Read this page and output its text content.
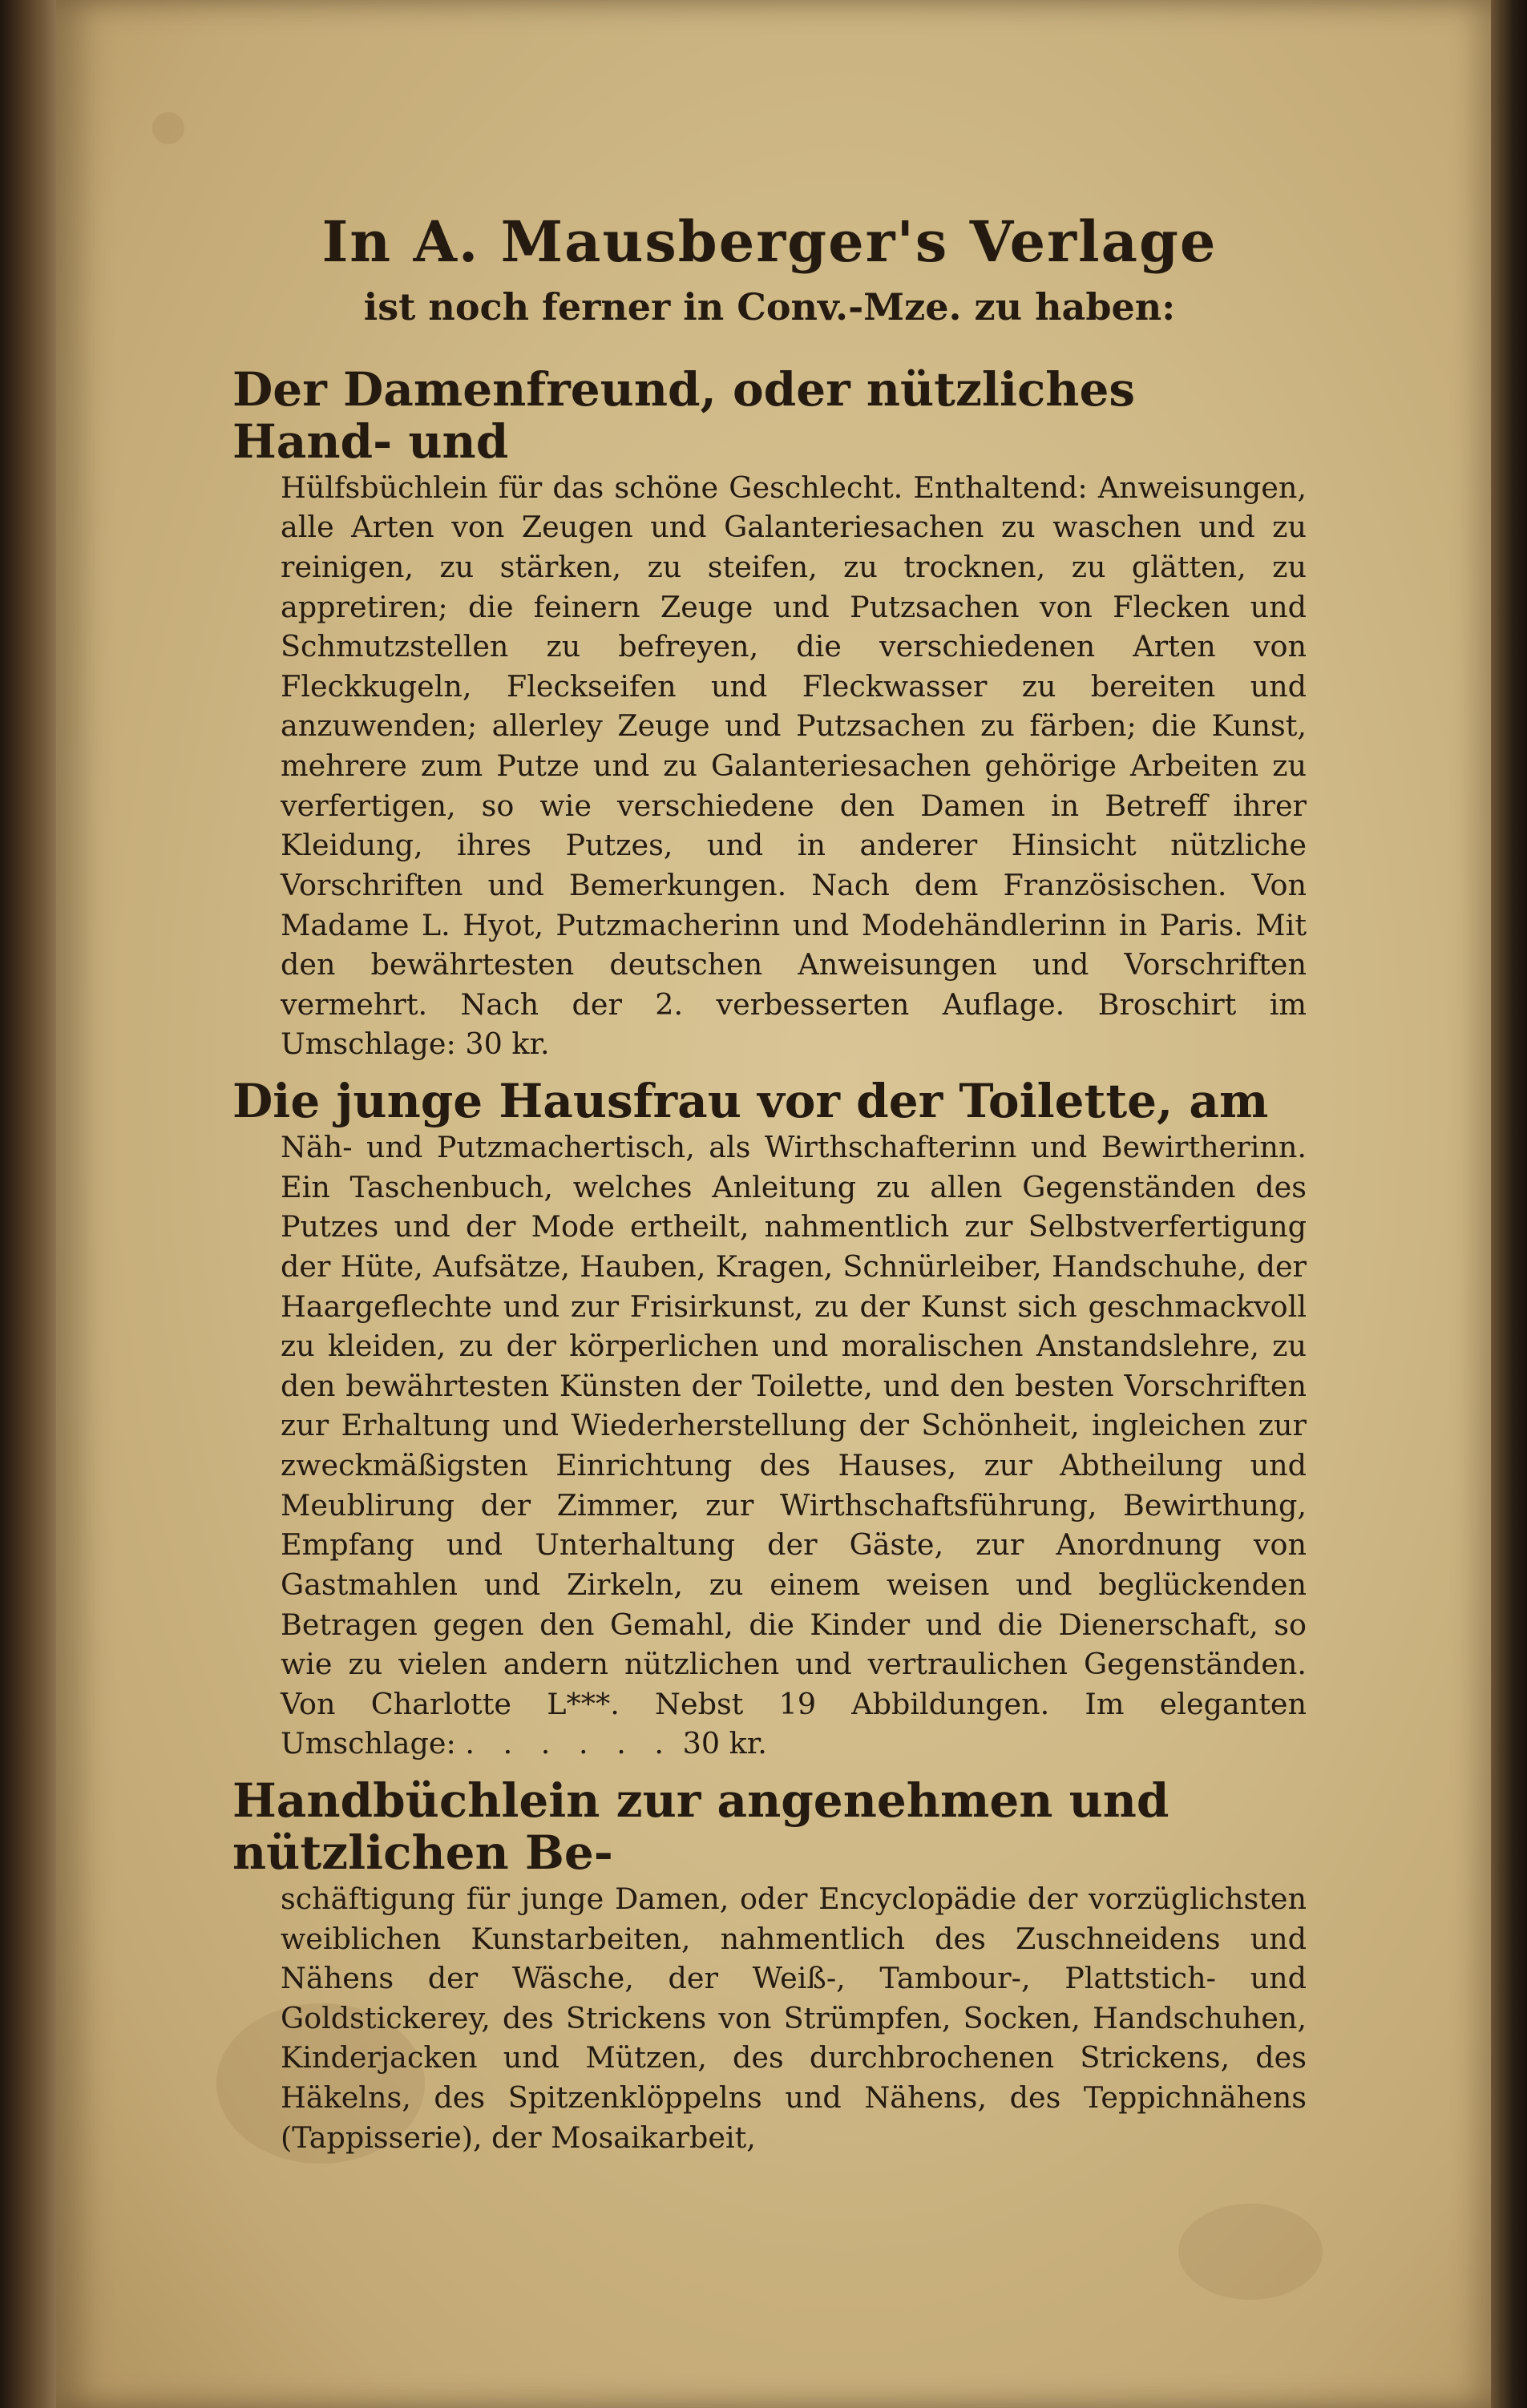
In A. Mausberger's Verlage
ist noch ferner in Conv.-Mze. zu haben:
Der Damenfreund, oder nützliches Hand- und
Hülfsbüchlein für das schöne Geschlecht. Enthaltend: Anweisungen, alle Arten von Zeugen und Galanteriesachen zu waschen und zu reinigen, zu stärken, zu steifen, zu trocknen, zu glätten, zu appretiren; die feinern Zeuge und Putzsachen von Flecken und Schmutzstellen zu befreyen, die verschiedenen Arten von Fleckkugeln, Fleckseifen und Fleckwasser zu bereiten und anzuwenden; allerley Zeuge und Putzsachen zu färben; die Kunst, mehrere zum Putze und zu Galanteriesachen gehörige Arbeiten zu verfertigen, so wie verschiedene den Damen in Betreff ihrer Kleidung, ihres Putzes, und in anderer Hinsicht nützliche Vorschriften und Bemerkungen. Nach dem Französischen. Von Madame L. Hyot, Putzmacherinn und Modehändlerinn in Paris. Mit den bewährtesten deutschen Anweisungen und Vorschriften vermehrt. Nach der 2. verbesserten Auflage. Broschirt im Umschlage: 30 kr.
Die junge Hausfrau vor der Toilette, am
Näh- und Putzmachertisch, als Wirthschafterinn und Bewirtherinn. Ein Taschenbuch, welches Anleitung zu allen Gegenständen des Putzes und der Mode ertheilt, nahmentlich zur Selbstverfertigung der Hüte, Aufsätze, Hauben, Kragen, Schnürleiber, Handschuhe, der Haargeflechte und zur Frisirkunst, zu der Kunst sich geschmackvoll zu kleiden, zu der körperlichen und moralischen Anstandslehre, zu den bewährtesten Künsten der Toilette, und den besten Vorschriften zur Erhaltung und Wiederherstellung der Schönheit, ingleichen zur zweckmäßigsten Einrichtung des Hauses, zur Abtheilung und Meublirung der Zimmer, zur Wirthschaftsführung, Bewirthung, Empfang und Unterhaltung der Gäste, zur Anordnung von Gastmahlen und Zirkeln, zu einem weisen und beglückenden Betragen gegen den Gemahl, die Kinder und die Dienerschaft, so wie zu vielen andern nützlichen und vertraulichen Gegenständen. Von Charlotte L***. Nebst 19 Abbildungen. Im eleganten Umschlage: . . . . . . 30 kr.
Handbüchlein zur angenehmen und nützlichen Be-
schäftigung für junge Damen, oder Encyclopädie der vorzüglichsten weiblichen Kunstarbeiten, nahmentlich des Zuschneidens und Nähens der Wäsche, der Weiß-, Tambour-, Plattstich- und Goldstickerey, des Strickens von Strümpfen, Socken, Handschuhen, Kinderjacken und Mützen, des durchbrochenen Strickens, des Häkelns, des Spitzenklöppelns und Nähens, des Teppichnähens (Tappisserie), der Mosaikarbeit,
